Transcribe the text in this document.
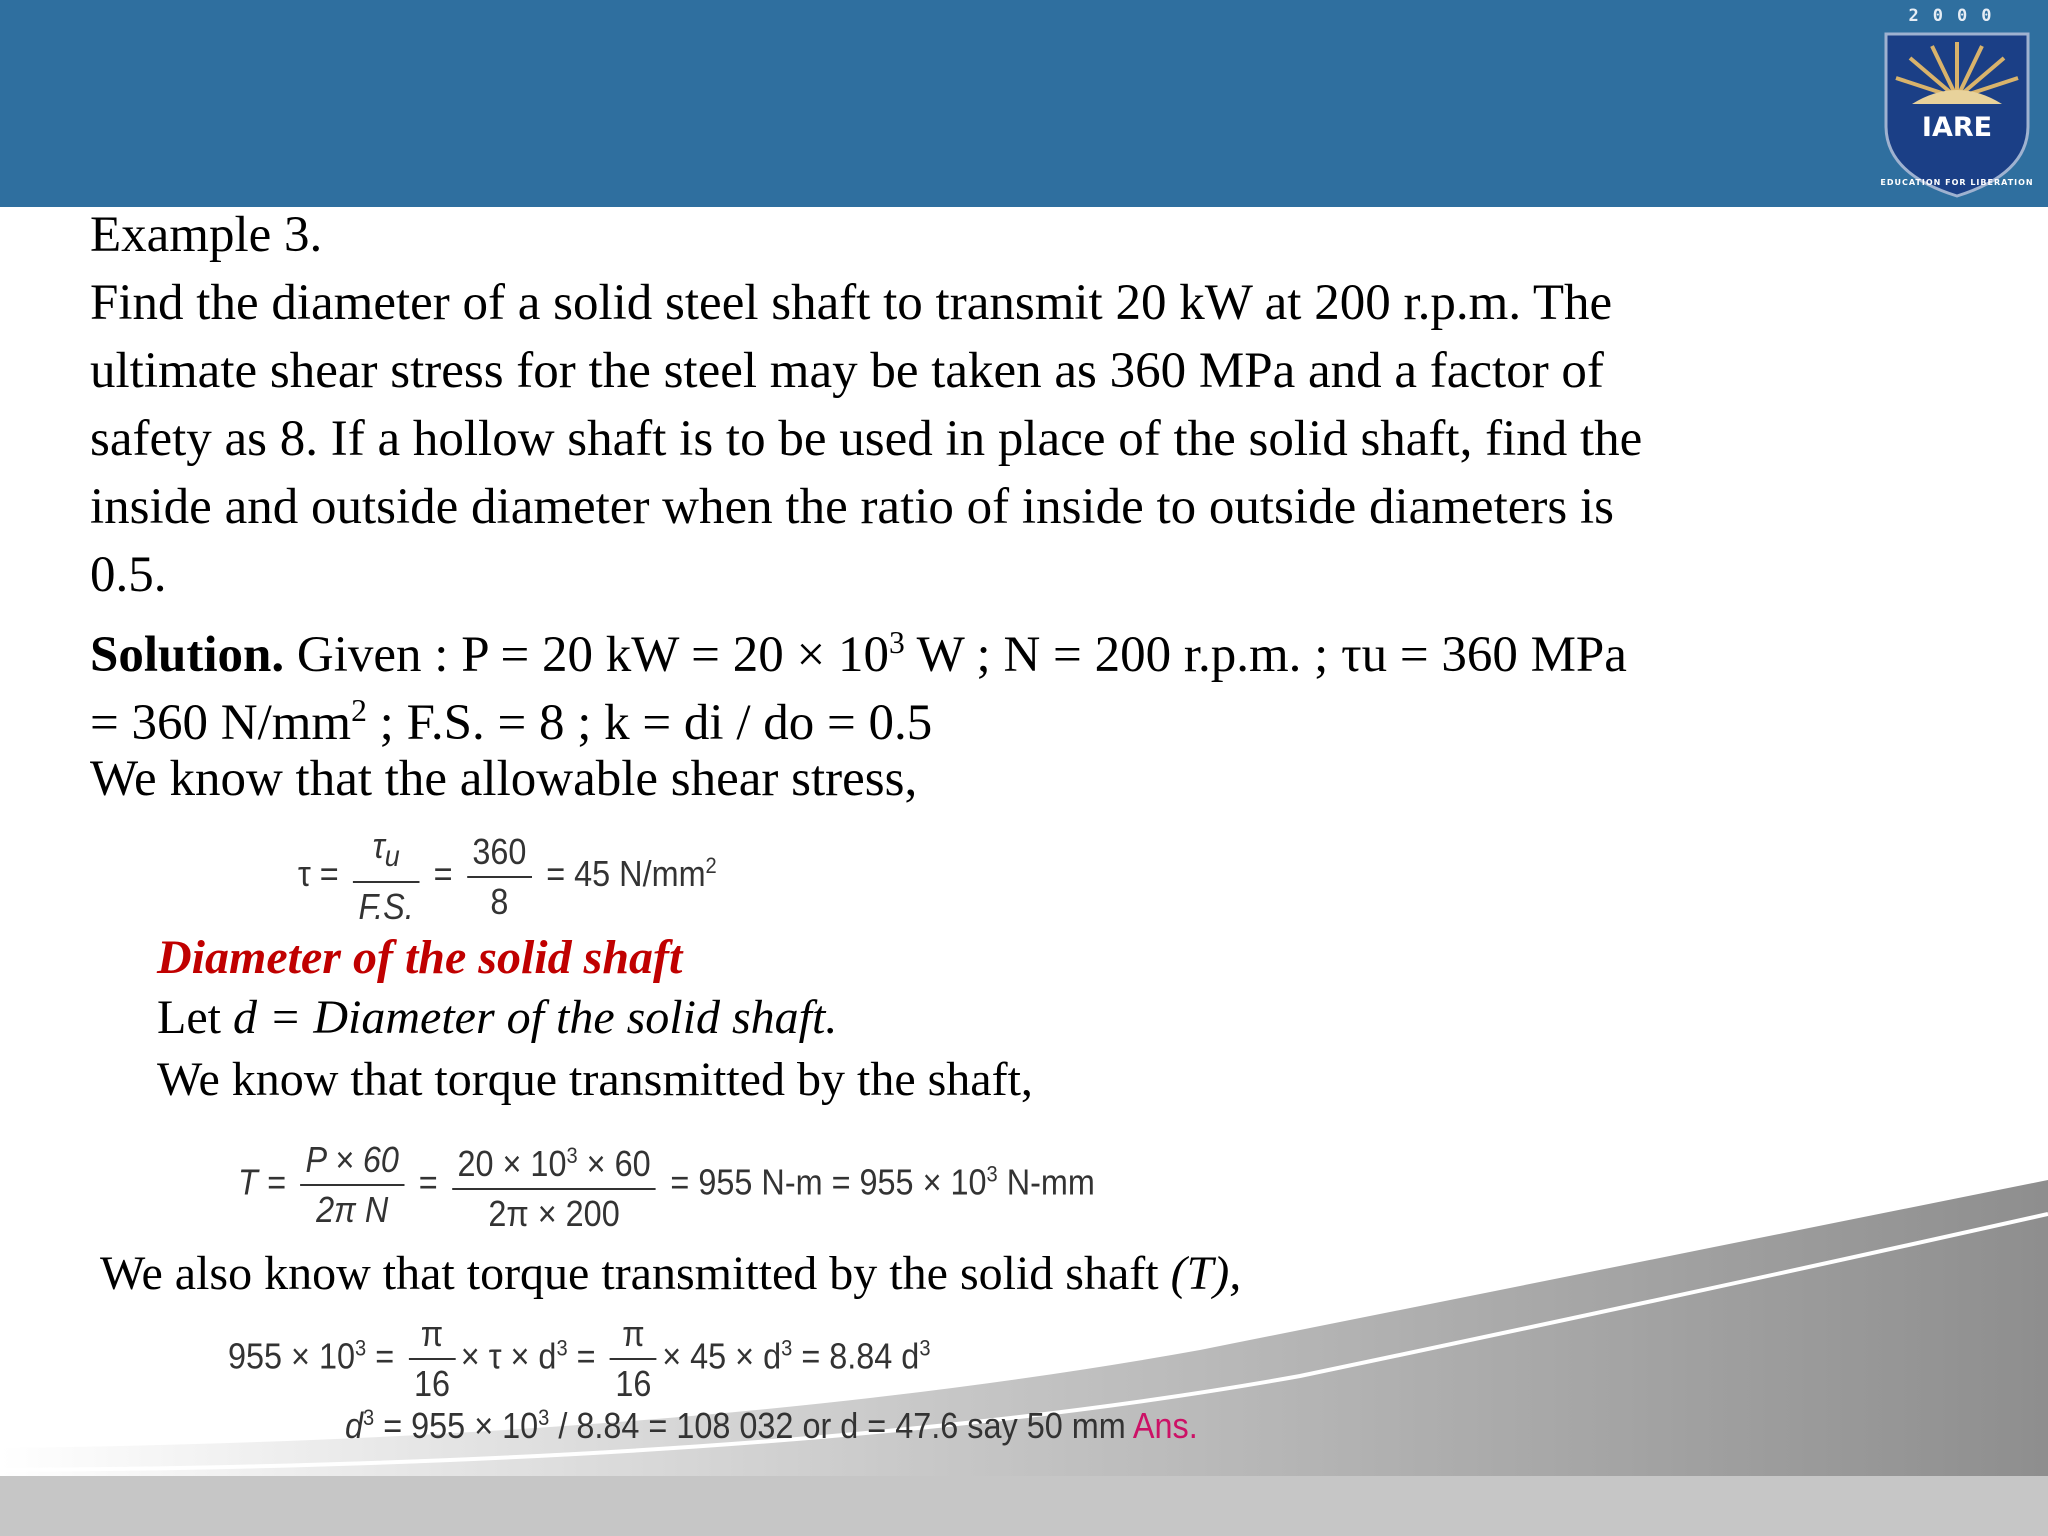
2000
IARE
EDUCATION FOR LIBERATION
Example 3.
Find the diameter of a solid steel shaft to transmit 20 kW at 200 r.p.m. The
ultimate shear stress for the steel may be taken as 360 MPa and a factor of
safety as 8. If a hollow shaft is to be used in place of the solid shaft, find the
inside and outside diameter when the ratio of inside to outside diameters is
0.5.
Solution. Given : P = 20 kW = $20 \times 10^3$ W ; N = 200 r.p.m. ; τu = 360 MPa
= 360 $N/mm^2$ ; F.S. = 8 ; k = di / do = 0.5
We know that the allowable shear stress,
$\tau = \frac{\tau_u}{F.S.} = \frac{360}{8} = 45$ $N/mm^2$
Diameter of the solid shaft
Let d = Diameter of the solid shaft.
We know that torque transmitted by the shaft,
$T = \frac{P \times 60}{\text{2π N}} = \frac{20 \times 10^3 \times 60}{2\pi \times 200} = 955$ $N-m = 955 \times 10^3$ N-mm
We also know that torque transmitted by the solid shaft (T),
$955 \times 10^3 = \frac{\pi}{16} \times \tau \times d^3 = \frac{\pi}{16} \times 45 \times d^3 = 8.84$ $d^3$
$d^3 = 955 \times 10^3 / 8.84 = 108$ 032 or d = 47.6 say 50 mm Ans.
